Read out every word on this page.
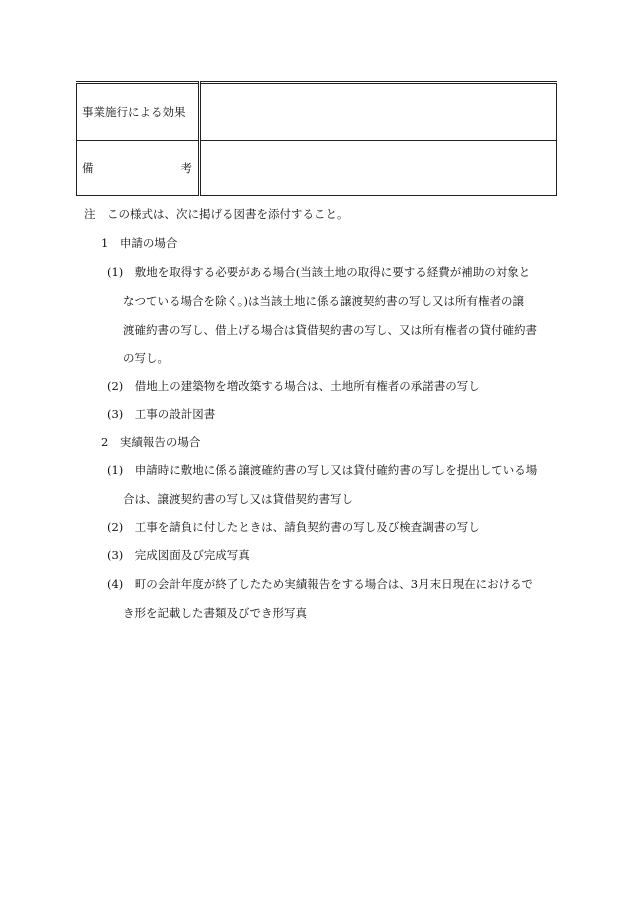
事業施行による効果	

備 考	

注　この様式は、次に掲げる図書を添付すること。
1　申請の場合
(1)　敷地を取得する必要がある場合(当該土地の取得に要する経費が補助の対象と
なつている場合を除く。)は当該土地に係る譲渡契約書の写し又は所有権者の譲
渡確約書の写し、借上げる場合は貸借契約書の写し、又は所有権者の貸付確約書
の写し。
(2)　借地上の建築物を増改築する場合は、土地所有権者の承諾書の写し
(3)　工事の設計図書
2　実績報告の場合
(1)　申請時に敷地に係る譲渡確約書の写し又は貸付確約書の写しを提出している場
合は、譲渡契約書の写し又は貸借契約書写し
(2)　工事を請負に付したときは、請負契約書の写し及び検査調書の写し
(3)　完成図面及び完成写真
(4)　町の会計年度が終了したため実績報告をする場合は、3月末日現在におけるで
き形を記載した書類及びでき形写真
